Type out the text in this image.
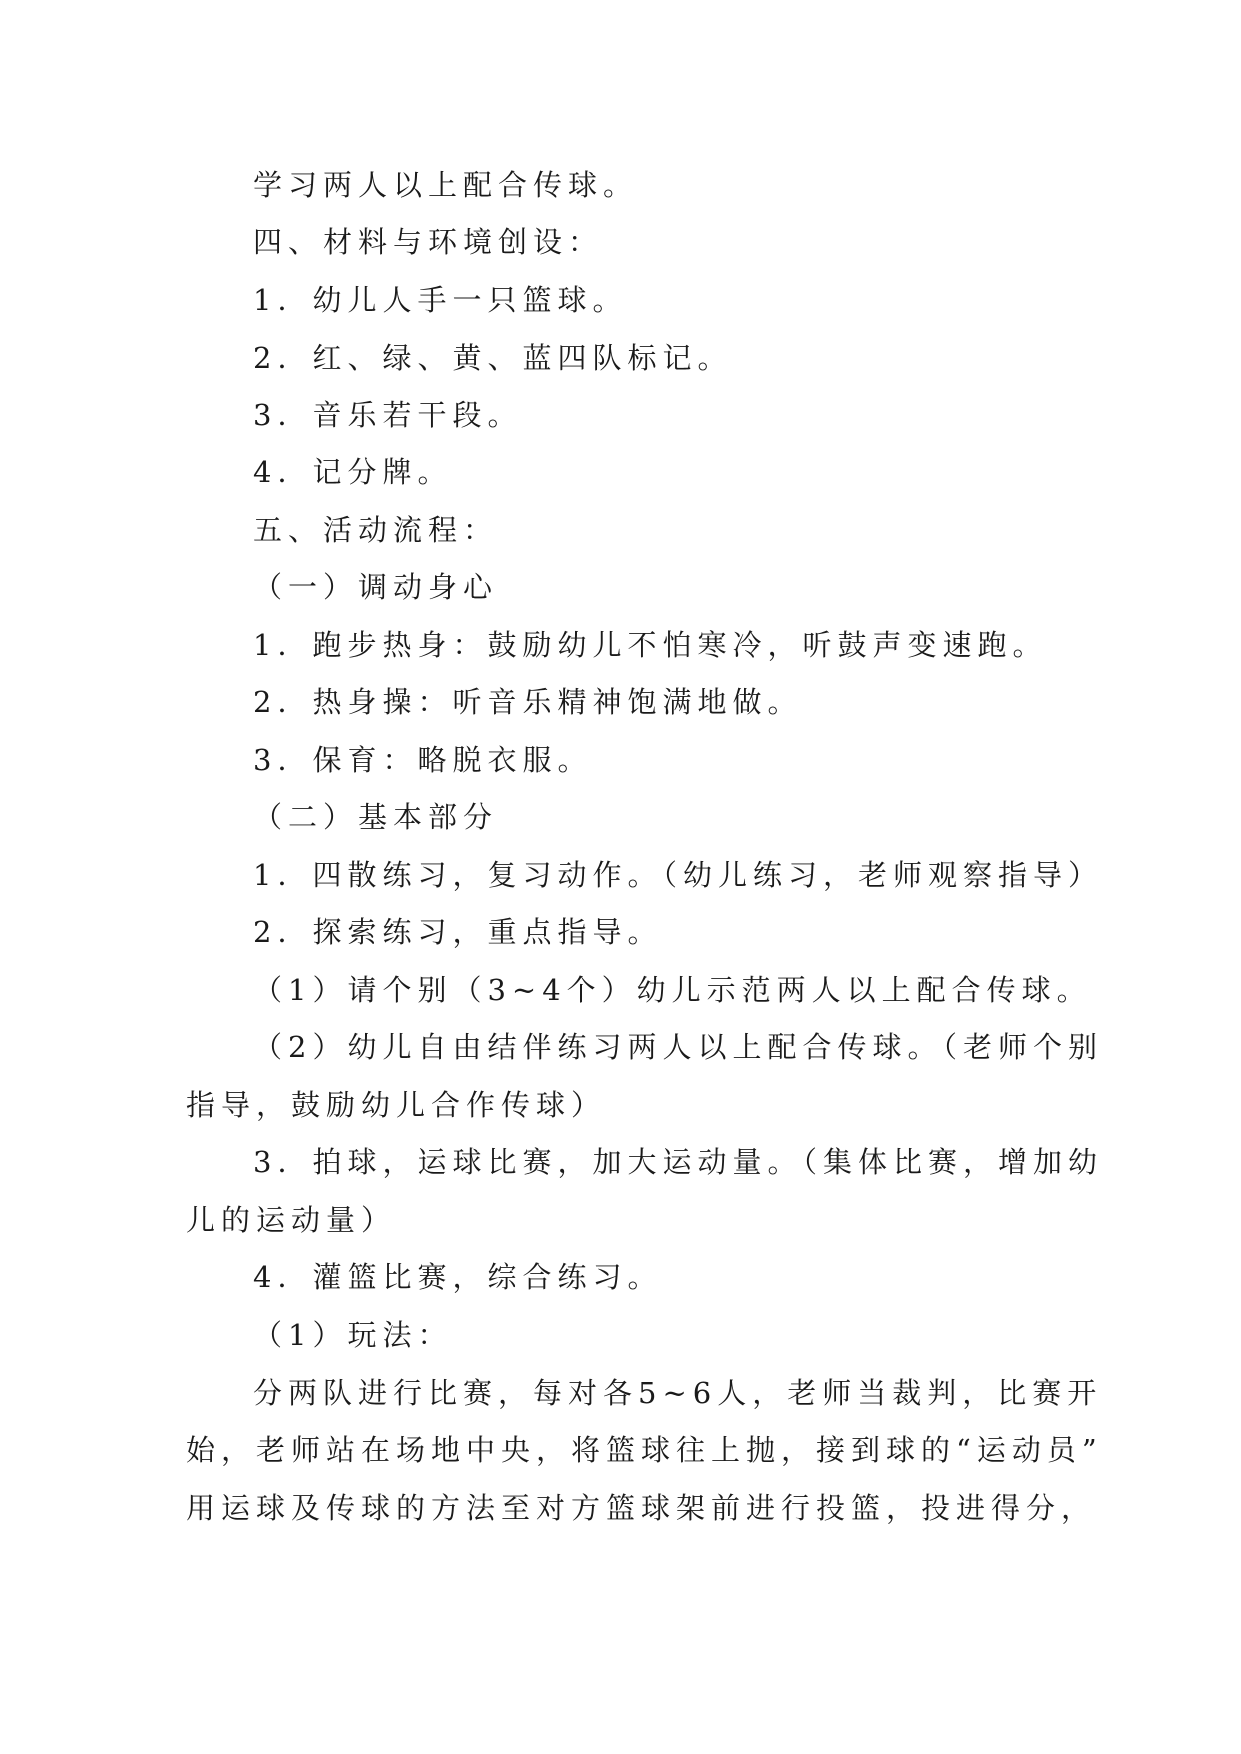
学习两人以上配合传球。
四、材料与环境创设：
1．幼儿人手一只篮球。
2．红、绿、黄、蓝四队标记。
3．音乐若干段。
4．记分牌。
五、活动流程：
（一）调动身心
1．跑步热身：鼓励幼儿不怕寒冷，听鼓声变速跑。
2．热身操：听音乐精神饱满地做。
3．保育：略脱衣服。
（二）基本部分
1．四散练习，复习动作。（幼儿练习，老师观察指导）
2．探索练习，重点指导。
（1）请个别（3~4个）幼儿示范两人以上配合传球。
（2）幼儿自由结伴练习两人以上配合传球。（老师个别
指导，鼓励幼儿合作传球）
3．拍球，运球比赛，加大运动量。（集体比赛，增加幼
儿的运动量）
4．灌篮比赛，综合练习。
（1）玩法：
分两队进行比赛，每对各5~6人，老师当裁判，比赛开
始，老师站在场地中央，将篮球往上抛，接到球的“运动员”
用运球及传球的方法至对方篮球架前进行投篮，投进得分，
